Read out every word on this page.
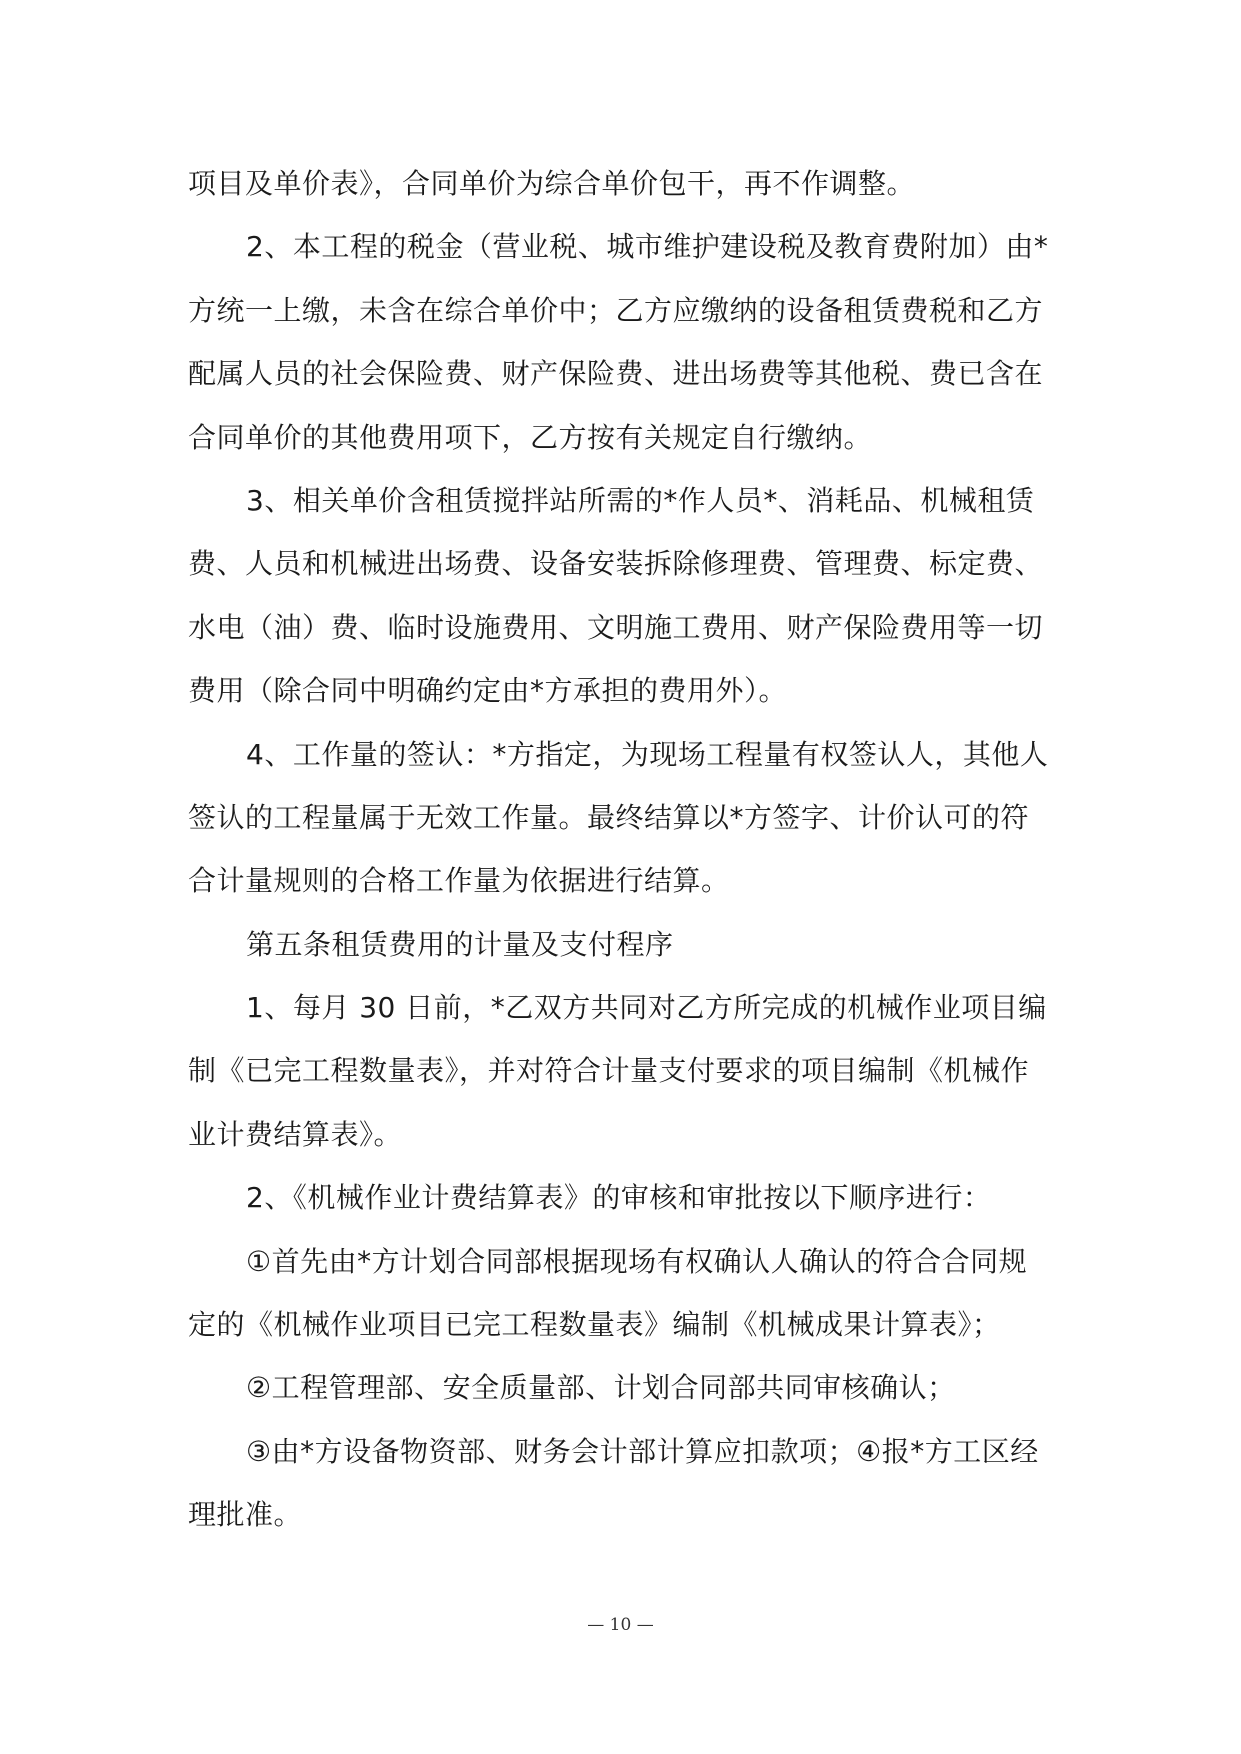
项目及单价表》，合同单价为综合单价包干，再不作调整。
2、本工程的税金（营业税、城市维护建设税及教育费附加）由*
方统一上缴，未含在综合单价中；乙方应缴纳的设备租赁费税和乙方
配属人员的社会保险费、财产保险费、进出场费等其他税、费已含在
合同单价的其他费用项下，乙方按有关规定自行缴纳。
3、相关单价含租赁搅拌站所需的*作人员*、消耗品、机械租赁
费、人员和机械进出场费、设备安装拆除修理费、管理费、标定费、
水电（油）费、临时设施费用、文明施工费用、财产保险费用等一切
费用（除合同中明确约定由*方承担的费用外）。
4、工作量的签认：*方指定，为现场工程量有权签认人，其他人
签认的工程量属于无效工作量。最终结算以*方签字、计价认可的符
合计量规则的合格工作量为依据进行结算。
第五条租赁费用的计量及支付程序
1、每月 30 日前，*乙双方共同对乙方所完成的机械作业项目编
制《已完工程数量表》，并对符合计量支付要求的项目编制《机械作
业计费结算表》。
2、《机械作业计费结算表》的审核和审批按以下顺序进行：
①首先由*方计划合同部根据现场有权确认人确认的符合合同规
定的《机械作业项目已完工程数量表》编制《机械成果计算表》；
②工程管理部、安全质量部、计划合同部共同审核确认；
③由*方设备物资部、财务会计部计算应扣款项；④报*方工区经
理批准。
— 10 —
